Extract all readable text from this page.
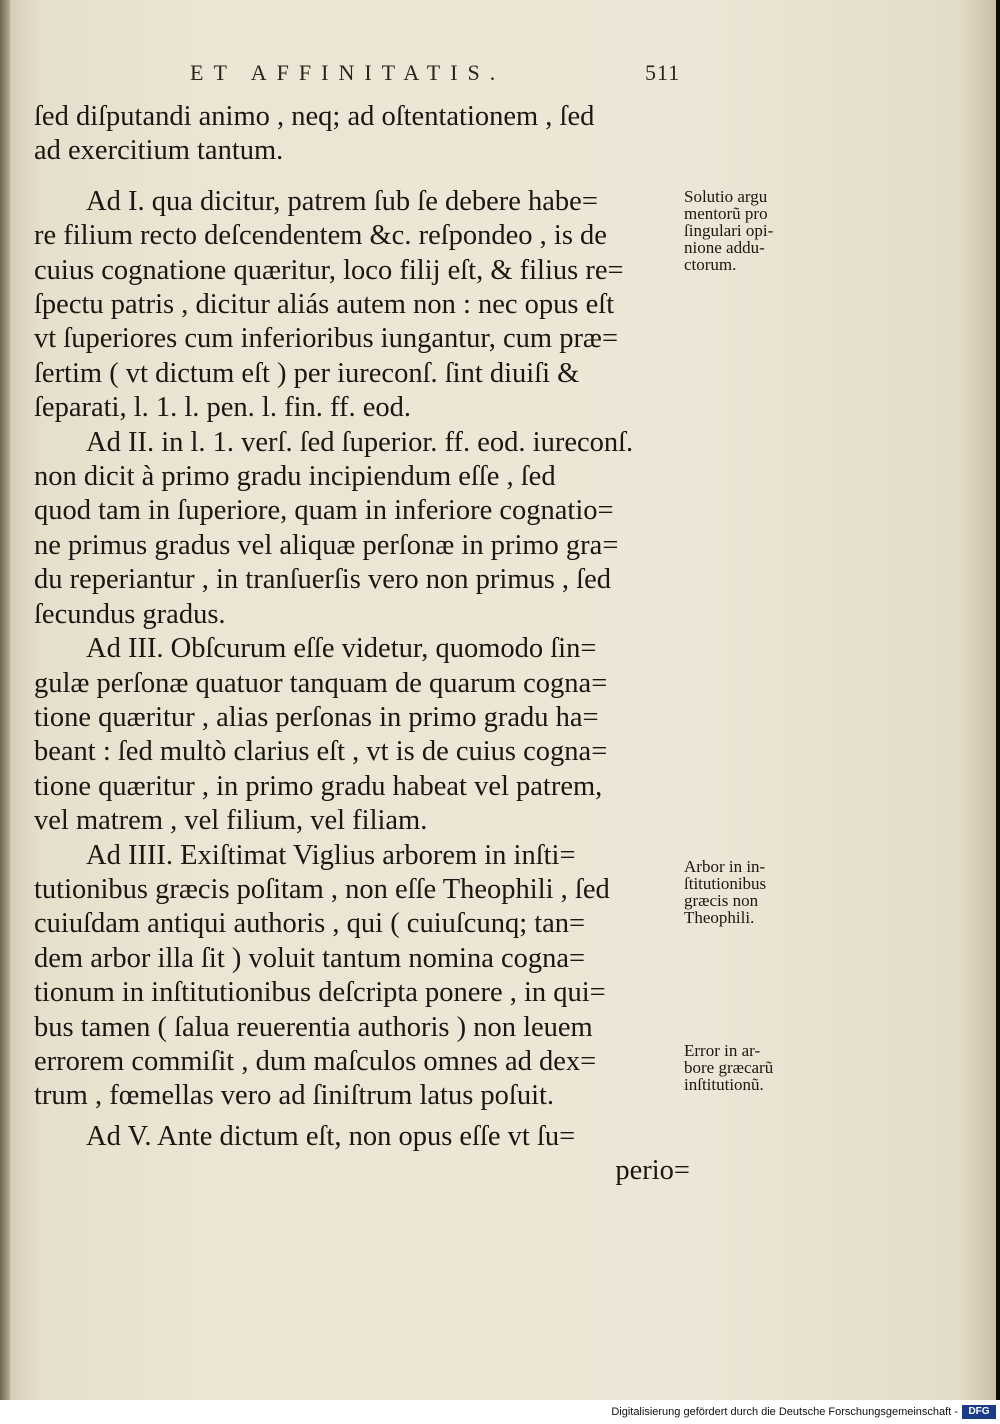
ET AFFINITATIS.	511

ſed diſputandi animo , neq; ad oſtentationem , ſed
ad exercitium tantum.

Ad I. qua dicitur, patrem ſub ſe debere habe=
re filium recto deſcendentem &c. reſpondeo , is de
cuius cognatione quæritur, loco filij eſt, & filius re=
ſpectu patris , dicitur aliás autem non : nec opus eſt
vt ſuperiores cum inferioribus iungantur, cum præ=
ſertim ( vt dictum eſt ) per iureconſ. ſint diuiſi &
ſeparati, l. 1. l. pen. l. fin. ff. eod.

Ad II. in l. 1. verſ. ſed ſuperior. ff. eod. iureconſ.
non dicit à primo gradu incipiendum eſſe , ſed
quod tam in ſuperiore, quam in inferiore cognatio=
ne primus gradus vel aliquæ perſonæ in primo gra=
du reperiantur , in tranſuerſis vero non primus , ſed
ſecundus gradus.

Ad III. Obſcurum eſſe videtur, quomodo ſin=
gulæ perſonæ quatuor tanquam de quarum cogna=
tione quæritur , alias perſonas in primo gradu ha=
beant : ſed multò clarius eſt , vt is de cuius cogna=
tione quæritur , in primo gradu habeat vel patrem,
vel matrem , vel filium, vel filiam.

Ad IIII. Exiſtimat Viglius arborem in inſti=
tutionibus græcis poſitam , non eſſe Theophili , ſed
cuiuſdam antiqui authoris , qui ( cuiuſcunq; tan=
dem arbor illa ſit ) voluit tantum nomina cogna=
tionum in inſtitutionibus deſcripta ponere , in qui=
bus tamen ( ſalua reuerentia authoris ) non leuem
errorem commiſit , dum maſculos omnes ad dex=
trum , fœmellas vero ad ſiniſtrum latus poſuit.

Ad V. Ante dictum eſt, non opus eſſe vt ſu=
perio=

Solutio argu
mentorũ pro
ſingulari opi-
nione addu-
ctorum.
Arbor in in-
ſtitutionibus
græcis non
Theophili.
Error in ar-
bore græcarũ
inſtitutionũ.
Digitalisierung gefördert durch die Deutsche Forschungsgemeinschaft -	DFG
